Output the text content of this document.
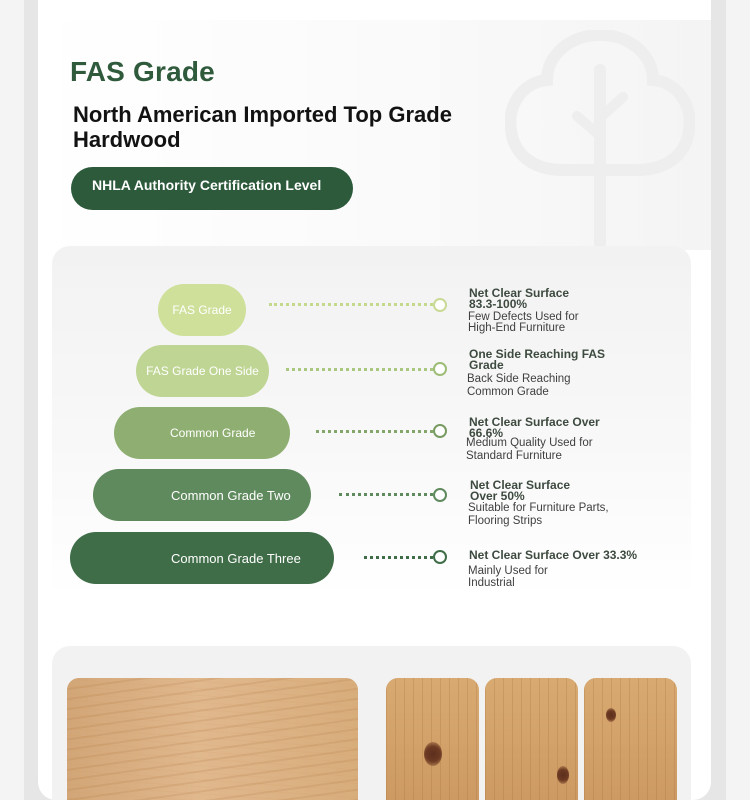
FAS Grade
North American Imported Top Grade Hardwood
NHLA Authority Certification Level
FAS Grade
Net Clear Surface 83.3-100%
Few Defects Used for High-End Furniture
FAS Grade One Side
One Side Reaching FAS Grade
Back Side Reaching Common Grade
Common Grade
Net Clear Surface Over 66.6%
Medium Quality Used for Standard Furniture
Common Grade Two
Net Clear Surface Over 50%
Suitable for Furniture Parts, Flooring Strips
Common Grade Three	Net Clear Surface Over 33.3%
Mainly Used for Industrial
